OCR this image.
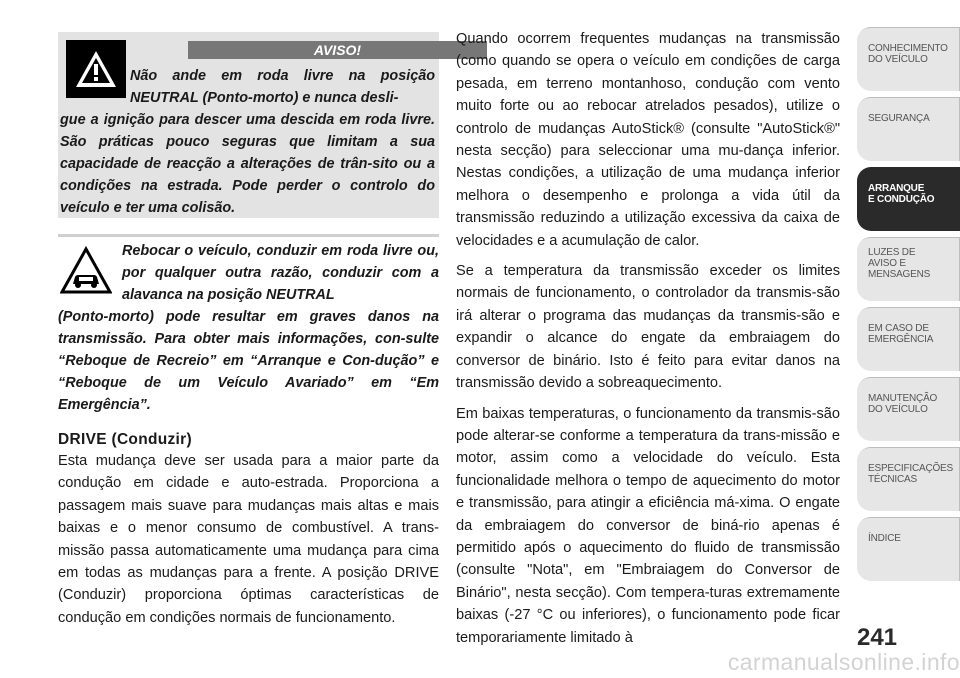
AVISO!
Não ande em roda livre na posição NEUTRAL (Ponto-morto) e nunca desli-
gue a ignição para descer uma descida em roda livre. São práticas pouco seguras que limitam a sua capacidade de reacção a alterações de trân-sito ou a condições na estrada. Pode perder o controlo do veículo e ter uma colisão.
Rebocar o veículo, conduzir em roda livre ou, por qualquer outra razão, conduzir com a alavanca na posição NEUTRAL
(Ponto-morto) pode resultar em graves danos na transmissão. Para obter mais informações, con-sulte “Reboque de Recreio” em “Arranque e Con-dução” e “Reboque de um Veículo Avariado” em “Em Emergência”.
DRIVE (Conduzir)

Esta mudança deve ser usada para a maior parte da condução em cidade e auto-estrada. Proporciona a passagem mais suave para mudanças mais altas e mais baixas e o menor consumo de combustível. A trans-missão passa automaticamente uma mudança para cima em todas as mudanças para a frente. A posição DRIVE (Conduzir) proporciona óptimas características de condução em condições normais de funcionamento.

Quando ocorrem frequentes mudanças na transmissão (como quando se opera o veículo em condições de carga pesada, em terreno montanhoso, condução com vento muito forte ou ao rebocar atrelados pesados), utilize o controlo de mudanças AutoStick® (consulte "AutoStick®" nesta secção) para seleccionar uma mu-dança inferior. Nestas condições, a utilização de uma mudança inferior melhora o desempenho e prolonga a vida útil da transmissão reduzindo a utilização excessiva da caixa de velocidades e a acumulação de calor.

Se a temperatura da transmissão exceder os limites normais de funcionamento, o controlador da transmis-são irá alterar o programa das mudanças da transmis-são e expandir o alcance do engate da embraiagem do conversor de binário. Isto é feito para evitar danos na transmissão devido a sobreaquecimento.

Em baixas temperaturas, o funcionamento da transmis-são pode alterar-se conforme a temperatura da trans-missão e motor, assim como a velocidade do veículo. Esta funcionalidade melhora o tempo de aquecimento do motor e transmissão, para atingir a eficiência má-xima. O engate da embraiagem do conversor de biná-rio apenas é permitido após o aquecimento do fluido de transmissão (consulte "Nota", em "Embraiagem do Conversor de Binário", nesta secção). Com tempera-turas extremamente baixas (-27 °C ou inferiores), o funcionamento pode ficar temporariamente limitado à

CONHECIMENTO
DO VEÍCULO
SEGURANÇA
ARRANQUE
E CONDUÇÃO
LUZES DE
AVISO E
MENSAGENS
EM CASO DE
EMERGÊNCIA
MANUTENÇÃO
DO VEÍCULO
ESPECIFICAÇÕES
TÉCNICAS
ÍNDICE
241
carmanualsonline.info
